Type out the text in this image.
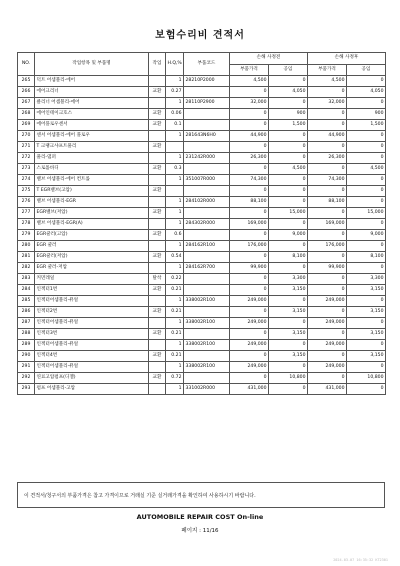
보험수리비 견적서
NO.	작업항목 및 부품명	작업	H.Q,%	부품코드	손해 사정전		손해 사정후	
					부품가격	공임	부품가격	공임
265	덕트 어셈블리-에어		1	28210P2000	4,500	0	4,500	0
266	에어크리너	교환	0.27		0	4,050	0	4,050
267	클리너 어셈블리-에어		1	28110P2900	32,000	0	32,000	0
268	에어인테이크호스	교환	0.06		0	900	0	900
269	에어플로우센서	교환	0.1		0	1,500	0	1,500
270	센서 어셈블리-에어 플로우		1	281643N6H0	44,900	0	44,900	0
271	T 크랭크샤프트풀리	교환			0	0	0	0
272	풀리-댐퍼		1	231242R000	26,300	0	26,300	0
273	스로틀바디	교환	0.3		0	4,500	0	4,500
274	밸브 어셈블리-에어 컨트롤		1	351007R000	74,300	0	74,300	0
275	T EGR밸브(고압)	교환			0	0	0	0
276	밸브 어셈블리-EGR		1	284102R000	88,100	0	88,100	0
277	EGR밸브(저압)	교환	1		0	15,000	0	15,000
278	밸브 어셈블리-EGR(A)		1	284302R000	169,000	0	169,000	0
279	EGR쿨러(고압)	교환	0.6		0	9,000	0	9,000
280	EGR 쿨러		1	284162R100	176,000	0	176,000	0
281	EGR쿨러(저압)	교환	0.54		0	8,100	0	8,100
282	EGR 쿨러-저압		1	284162R700	99,900	0	99,900	0
283	커먼레일	탈착	0.22		0	3,300	0	3,300
284	인젝터1번	교환	0.21		0	3,150	0	3,150
285	인젝터어셈블리-퓨얼		1	338002R100	249,000	0	249,000	0
286	인젝터2번	교환	0.21		0	3,150	0	3,150
287	인젝터어셈블리-퓨얼		1	338002R100	249,000	0	249,000	0
288	인젝터3번	교환	0.21		0	3,150	0	3,150
289	인젝터어셈블리-퓨얼		1	338002R100	249,000	0	249,000	0
290	인젝터4번	교환	0.21		0	3,150	0	3,150
291	인젝터어셈블리-퓨얼		1	338002R100	249,000	0	249,000	0
292	연료고압펌프(디젤)	교환	0.72		0	10,800	0	10,800
293	펌프 어셈블리-고압		1	331002R000	431,000	0	431,000	0
이 견적서/청구서의 부품가격은 참고 가격이므로 거래실 기준 실거래가격을 확인하여 사용하시기 바랍니다.
AUTOMOBILE REPAIR COST On-line
페이지 : 11/16
2024-03-07 16:35:32 KT2301
